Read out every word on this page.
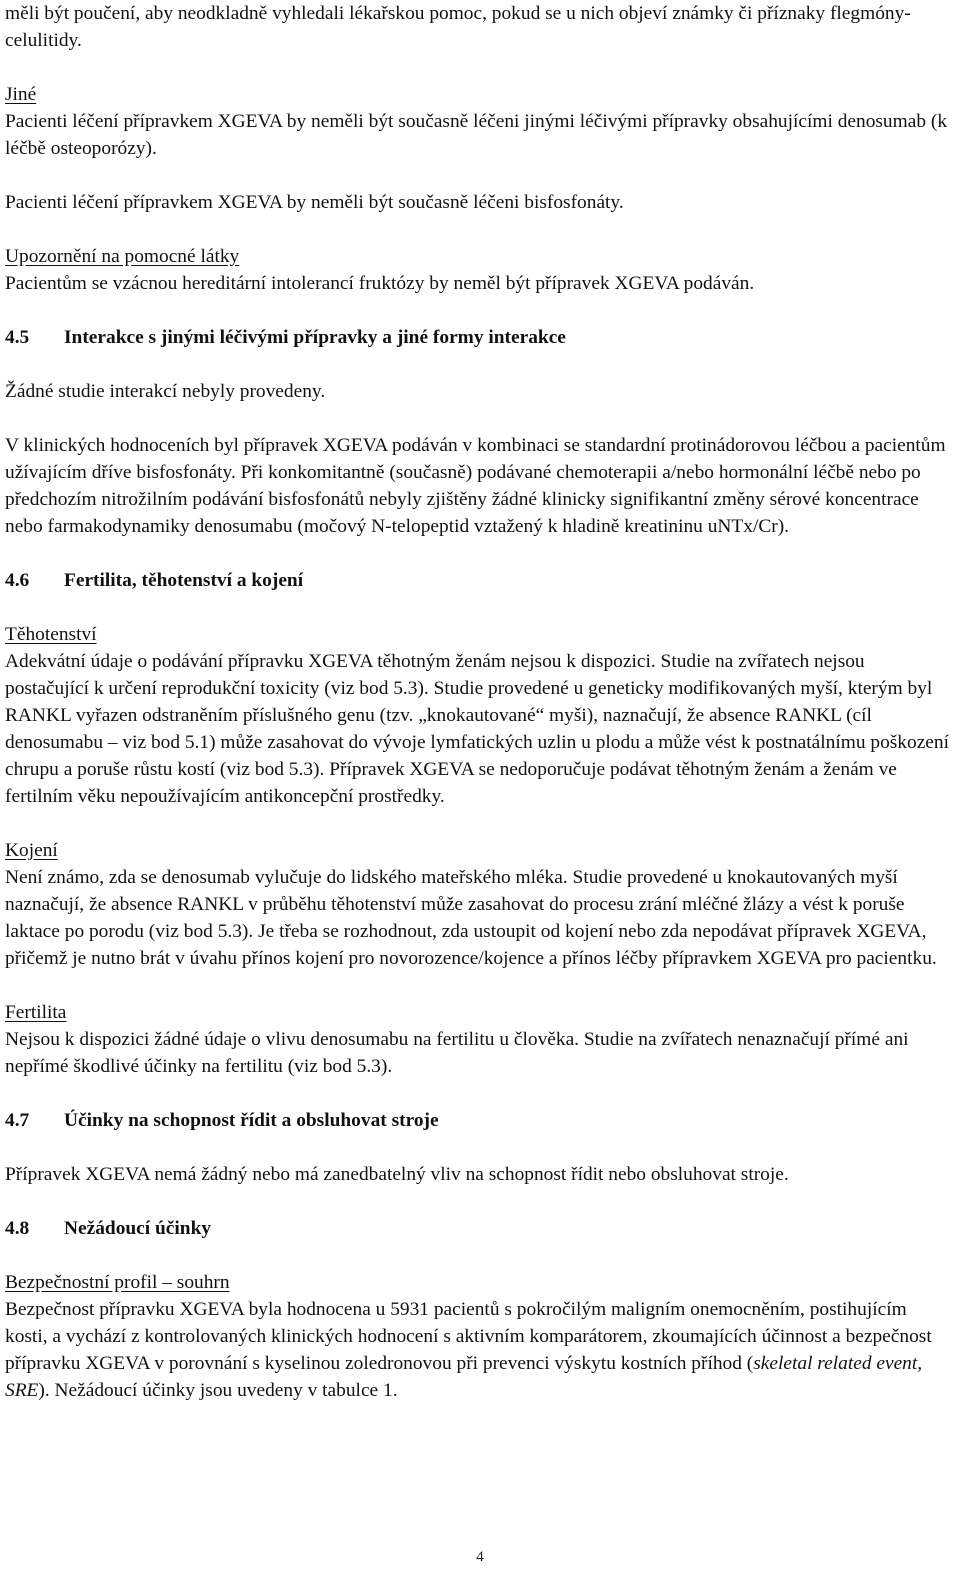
měli být poučení, aby neodkladně vyhledali lékařskou pomoc, pokud se u nich objeví známky či příznaky flegmóny-celulitidy.

Jiné

Pacienti léčení přípravkem XGEVA by neměli být současně léčeni jinými léčivými přípravky obsahujícími denosumab (k léčbě osteoporózy).

Pacienti léčení přípravkem XGEVA by neměli být současně léčeni bisfosfonáty.

Upozornění na pomocné látky

Pacientům se vzácnou hereditární intolerancí fruktózy by neměl být přípravek XGEVA podáván.

4.5 Interakce s jinými léčivými přípravky a jiné formy interakce

Žádné studie interakcí nebyly provedeny.

V klinických hodnoceních byl přípravek XGEVA podáván v kombinaci se standardní protinádorovou léčbou a pacientům užívajícím dříve bisfosfonáty. Při konkomitantně (současně) podávané chemoterapii a/nebo hormonální léčbě nebo po předchozím nitrožilním podávání bisfosfonátů nebyly zjištěny žádné klinicky signifikantní změny sérové koncentrace nebo farmakodynamiky denosumabu (močový N-telopeptid vztažený k hladině kreatininu uNTx/Cr).

4.6 Fertilita, těhotenství a kojení

Těhotenství

Adekvátní údaje o podávání přípravku XGEVA těhotným ženám nejsou k dispozici. Studie na zvířatech nejsou postačující k určení reprodukční toxicity (viz bod 5.3). Studie provedené u geneticky modifikovaných myší, kterým byl RANKL vyřazen odstraněním příslušného genu (tzv. „knokautované“ myši), naznačují, že absence RANKL (cíl denosumabu – viz bod 5.1) může zasahovat do vývoje lymfatických uzlin u plodu a může vést k postnatálnímu poškození chrupu a poruše růstu kostí (viz bod 5.3). Přípravek XGEVA se nedoporučuje podávat těhotným ženám a ženám ve fertilním věku nepoužívajícím antikoncepční prostředky.

Kojení

Není známo, zda se denosumab vylučuje do lidského mateřského mléka. Studie provedené u knokautovaných myší naznačují, že absence RANKL v průběhu těhotenství může zasahovat do procesu zrání mléčné žlázy a vést k poruše laktace po porodu (viz bod 5.3). Je třeba se rozhodnout, zda ustoupit od kojení nebo zda nepodávat přípravek XGEVA, přičemž je nutno brát v úvahu přínos kojení pro novorozence/kojence a přínos léčby přípravkem XGEVA pro pacientku.

Fertilita

Nejsou k dispozici žádné údaje o vlivu denosumabu na fertilitu u člověka. Studie na zvířatech nenaznačují přímé ani nepřímé škodlivé účinky na fertilitu (viz bod 5.3).

4.7 Účinky na schopnost řídit a obsluhovat stroje

Přípravek XGEVA nemá žádný nebo má zanedbatelný vliv na schopnost řídit nebo obsluhovat stroje.

4.8 Nežádoucí účinky

Bezpečnostní profil – souhrn

Bezpečnost přípravku XGEVA byla hodnocena u 5931 pacientů s pokročilým maligním onemocněním, postihujícím kosti, a vychází z kontrolovaných klinických hodnocení s aktivním komparátorem, zkoumajících účinnost a bezpečnost přípravku XGEVA v porovnání s kyselinou zoledronovou při prevenci výskytu kostních příhod (skeletal related event, SRE). Nežádoucí účinky jsou uvedeny v tabulce 1.

4
